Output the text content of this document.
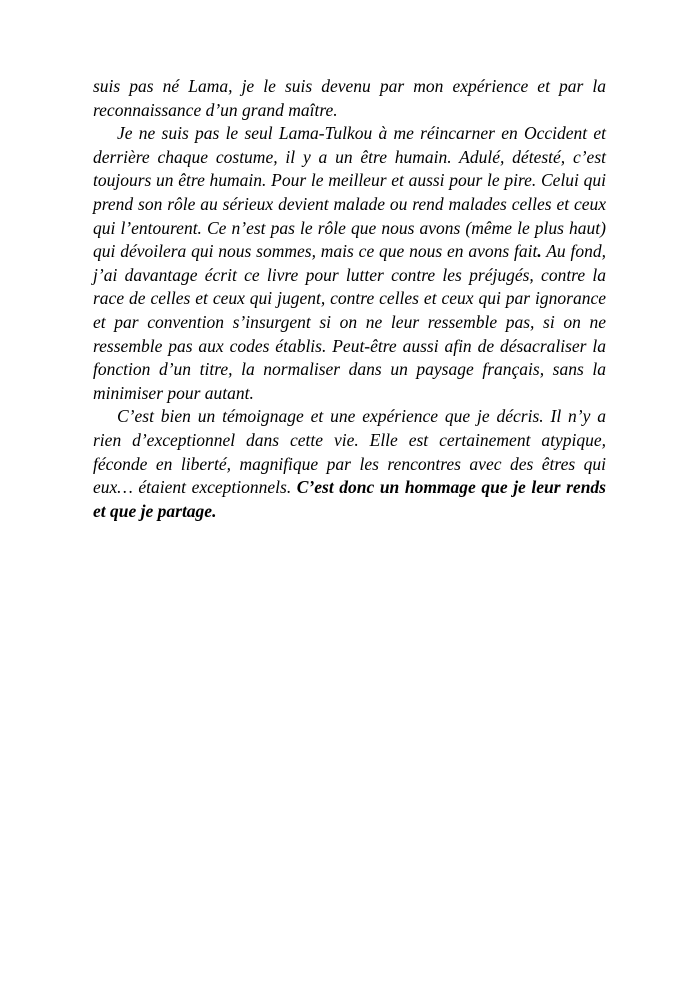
suis pas né Lama, je le suis devenu par mon expérience et par la reconnaissance d’un grand maître.

Je ne suis pas le seul Lama-Tulkou à me réincarner en Occident et derrière chaque costume, il y a un être humain. Adulé, détesté, c’est toujours un être humain. Pour le meilleur et aussi pour le pire. Celui qui prend son rôle au sérieux devient malade ou rend malades celles et ceux qui l’entourent. Ce n’est pas le rôle que nous avons (même le plus haut) qui dévoilera qui nous sommes, mais ce que nous en avons fait. Au fond, j’ai davantage écrit ce livre pour lutter contre les préjugés, contre la race de celles et ceux qui jugent, contre celles et ceux qui par ignorance et par convention s’insurgent si on ne leur ressemble pas, si on ne ressemble pas aux codes établis. Peut-être aussi afin de désacraliser la fonction d’un titre, la normaliser dans un paysage français, sans la minimiser pour autant.

C’est bien un témoignage et une expérience que je décris. Il n’y a rien d’exceptionnel dans cette vie. Elle est certainement atypique, féconde en liberté, magnifique par les rencontres avec des êtres qui eux… étaient exceptionnels. C’est donc un hommage que je leur rends et que je partage.
